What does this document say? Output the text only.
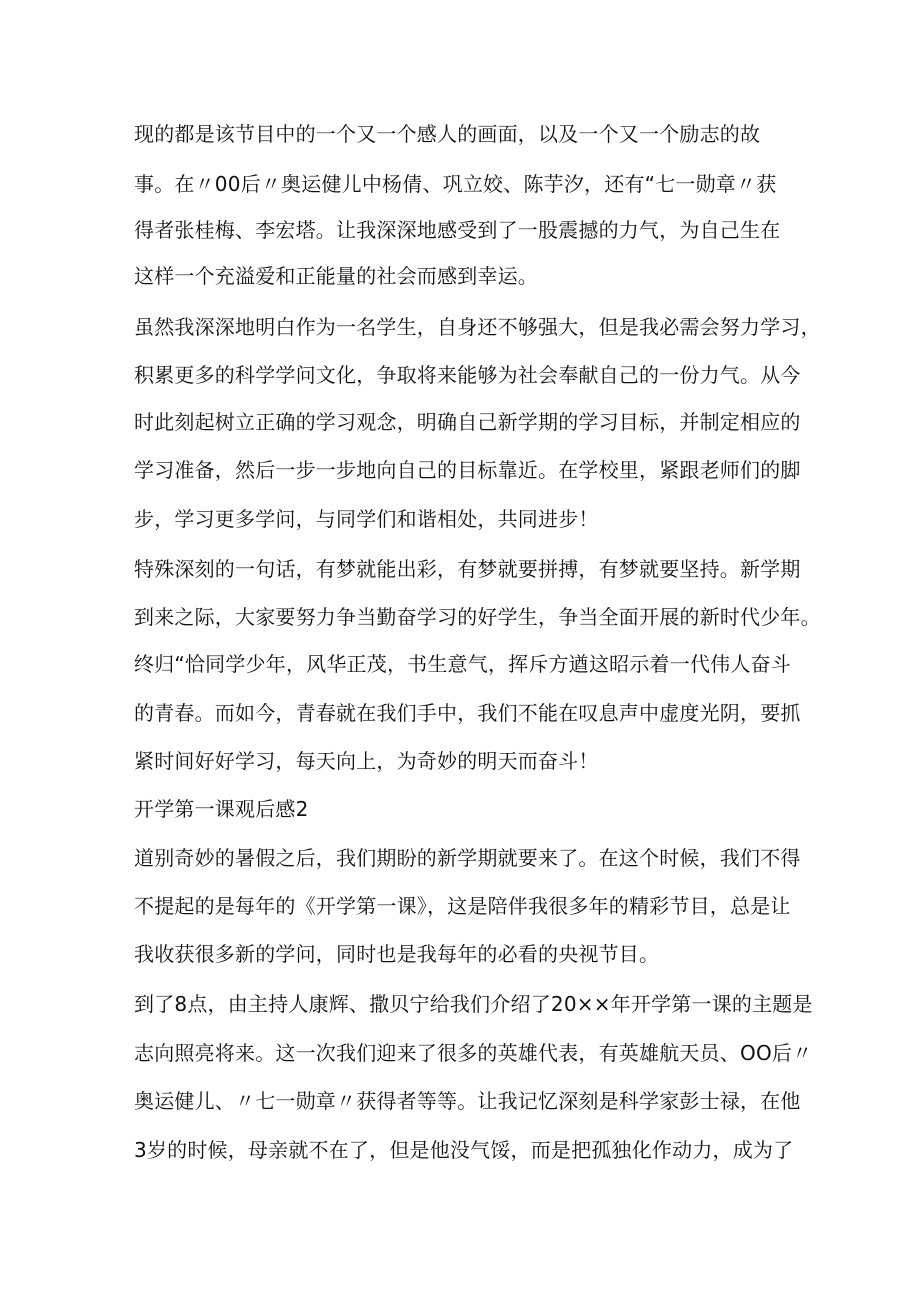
现的都是该节目中的一个又一个感人的画面，以及一个又一个励志的故
事。在〃00后〃奥运健儿中杨倩、巩立姣、陈芋汐，还有“七一勋章〃获
得者张桂梅、李宏塔。让我深深地感受到了一股震撼的力气，为自己生在
这样一个充溢爱和正能量的社会而感到幸运。
虽然我深深地明白作为一名学生，自身还不够强大，但是我必需会努力学习，
积累更多的科学学问文化，争取将来能够为社会奉献自己的一份力气。从今
时此刻起树立正确的学习观念，明确自己新学期的学习目标，并制定相应的
学习准备，然后一步一步地向自己的目标靠近。在学校里，紧跟老师们的脚
步，学习更多学问，与同学们和谐相处，共同进步！
特殊深刻的一句话，有梦就能出彩，有梦就要拼搏，有梦就要坚持。新学期
到来之际，大家要努力争当勤奋学习的好学生，争当全面开展的新时代少年。
终归“恰同学少年，风华正茂，书生意气，挥斥方遒这昭示着一代伟人奋斗
的青春。而如今，青春就在我们手中，我们不能在叹息声中虚度光阴，要抓
紧时间好好学习，每天向上，为奇妙的明天而奋斗！
开学第一课观后感2
道别奇妙的暑假之后，我们期盼的新学期就要来了。在这个时候，我们不得
不提起的是每年的《开学第一课》，这是陪伴我很多年的精彩节目，总是让
我收获很多新的学问，同时也是我每年的必看的央视节目。
到了8点，由主持人康辉、撒贝宁给我们介绍了20××年开学第一课的主题是
志向照亮将来。这一次我们迎来了很多的英雄代表，有英雄航天员、OO后〃
奥运健儿、〃七一勋章〃获得者等等。让我记忆深刻是科学家彭士禄，在他
3岁的时候，母亲就不在了，但是他没气馁，而是把孤独化作动力，成为了
